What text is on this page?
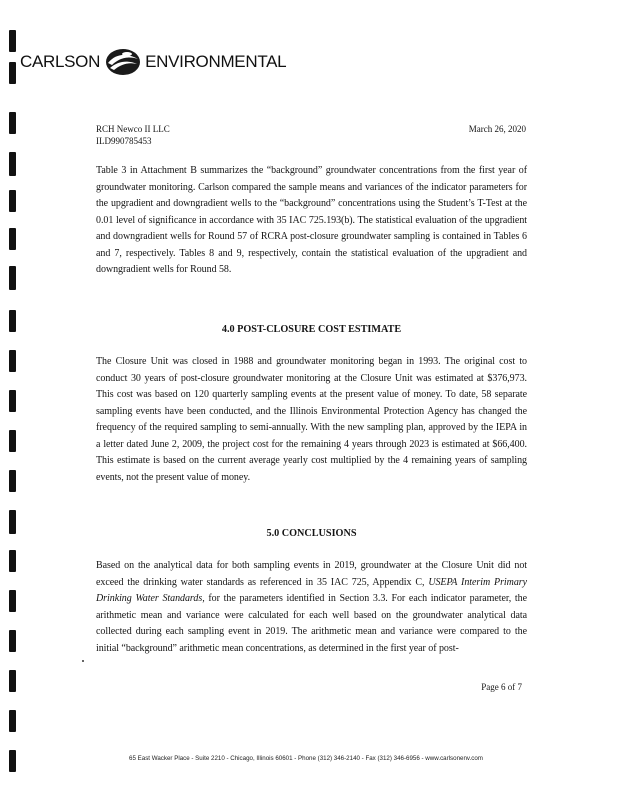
CARLSON	ENVIRONMENTAL
RCH Newco II LLC
ILD990785453
March 26, 2020

Table 3 in Attachment B summarizes the “background” groundwater concentrations from the first year of groundwater monitoring. Carlson compared the sample means and variances of the indicator parameters for the upgradient and downgradient wells to the “background” concentrations using the Student’s T-Test at the 0.01 level of significance in accordance with 35 IAC 725.193(b). The statistical evaluation of the upgradient and downgradient wells for Round 57 of RCRA post-closure groundwater sampling is contained in Tables 6 and 7, respectively. Tables 8 and 9, respectively, contain the statistical evaluation of the upgradient and downgradient wells for Round 58.

4.0 POST-CLOSURE COST ESTIMATE

The Closure Unit was closed in 1988 and groundwater monitoring began in 1993. The original cost to conduct 30 years of post-closure groundwater monitoring at the Closure Unit was estimated at $376,973. This cost was based on 120 quarterly sampling events at the present value of money. To date, 58 separate sampling events have been conducted, and the Illinois Environmental Protection Agency has changed the frequency of the required sampling to semi-annually. With the new sampling plan, approved by the IEPA in a letter dated June 2, 2009, the project cost for the remaining 4 years through 2023 is estimated at $66,400. This estimate is based on the current average yearly cost multiplied by the 4 remaining years of sampling events, not the present value of money.

5.0 CONCLUSIONS

Based on the analytical data for both sampling events in 2019, groundwater at the Closure Unit did not exceed the drinking water standards as referenced in 35 IAC 725, Appendix C, USEPA Interim Primary Drinking Water Standards, for the parameters identified in Section 3.3. For each indicator parameter, the arithmetic mean and variance were calculated for each well based on the groundwater analytical data collected during each sampling event in 2019. The arithmetic mean and variance were compared to the initial “background” arithmetic mean concentrations, as determined in the first year of post-

Page 6 of 7
65 East Wacker Place - Suite 2210 - Chicago, Illinois 60601 - Phone (312) 346-2140 - Fax (312) 346-6956 - www.carlsonenv.com
